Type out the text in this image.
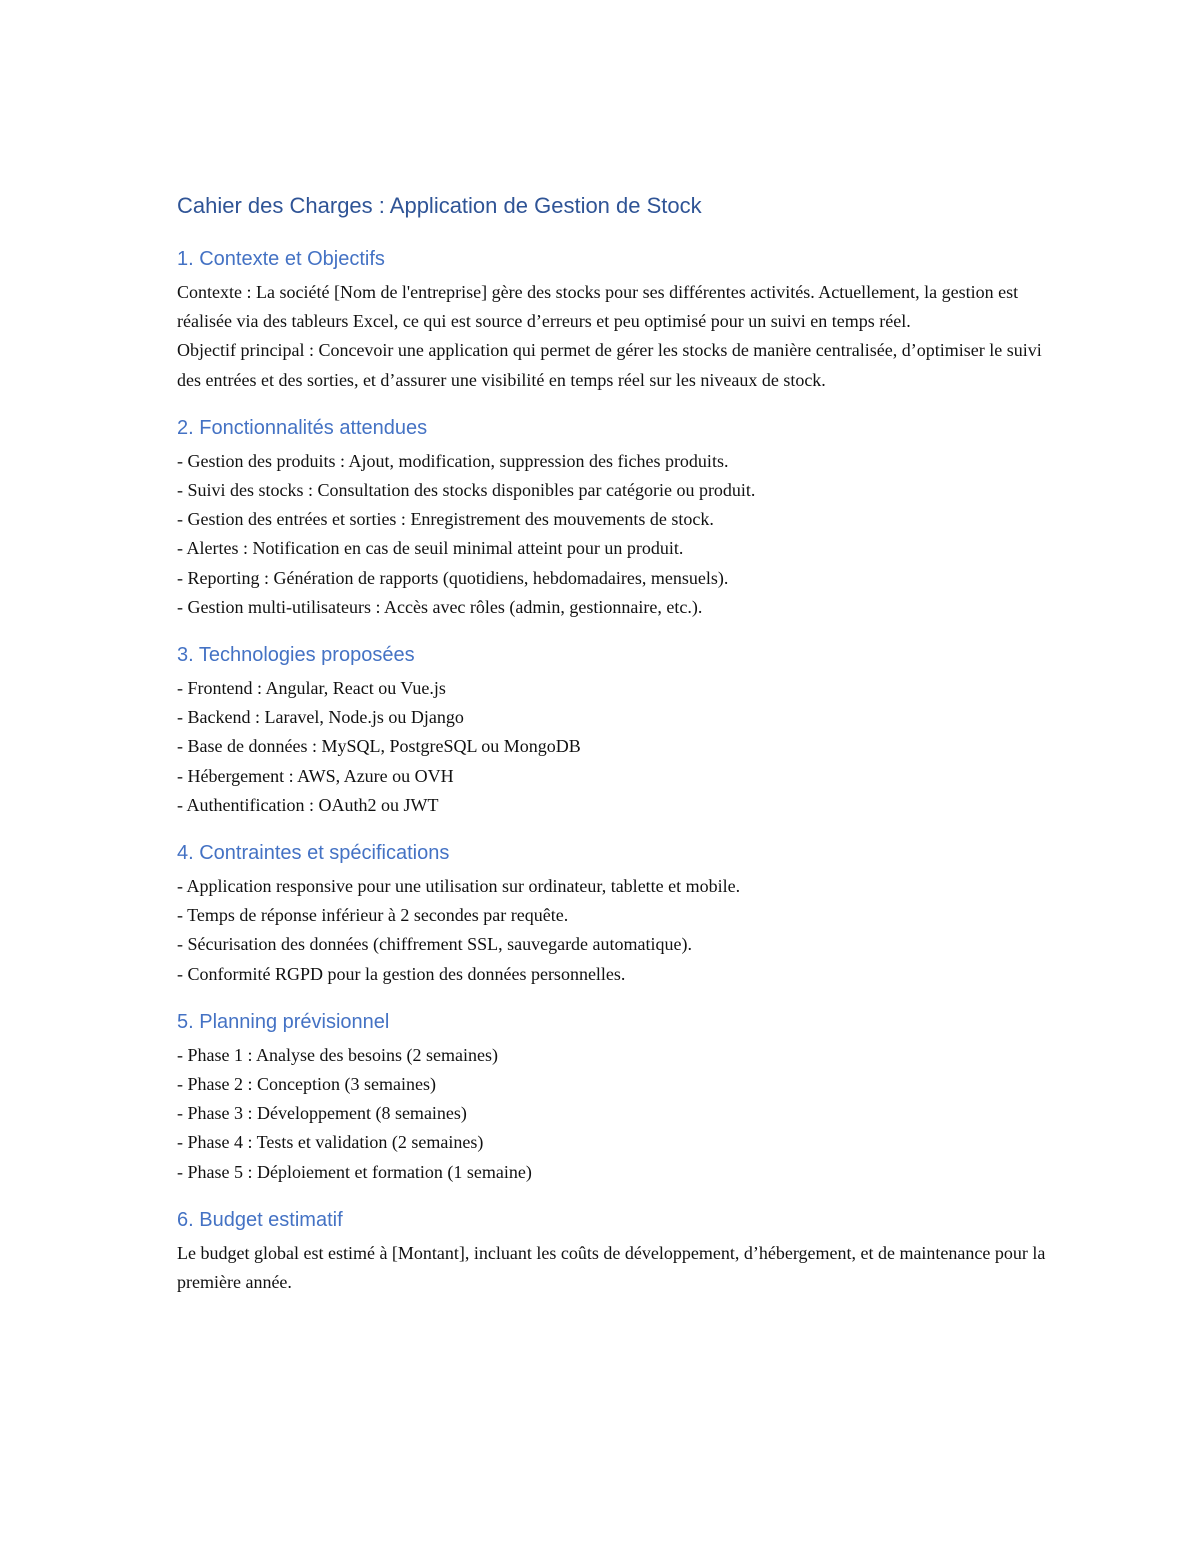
Cahier des Charges : Application de Gestion de Stock
1. Contexte et Objectifs

Contexte : La société [Nom de l'entreprise] gère des stocks pour ses différentes activités. Actuellement, la gestion est réalisée via des tableurs Excel, ce qui est source d’erreurs et peu optimisé pour un suivi en temps réel.

Objectif principal : Concevoir une application qui permet de gérer les stocks de manière centralisée, d’optimiser le suivi des entrées et des sorties, et d’assurer une visibilité en temps réel sur les niveaux de stock.

2. Fonctionnalités attendues
- Gestion des produits : Ajout, modification, suppression des fiches produits.
- Suivi des stocks : Consultation des stocks disponibles par catégorie ou produit.
- Gestion des entrées et sorties : Enregistrement des mouvements de stock.
- Alertes : Notification en cas de seuil minimal atteint pour un produit.
- Reporting : Génération de rapports (quotidiens, hebdomadaires, mensuels).
- Gestion multi-utilisateurs : Accès avec rôles (admin, gestionnaire, etc.).
3. Technologies proposées
- Frontend : Angular, React ou Vue.js
- Backend : Laravel, Node.js ou Django
- Base de données : MySQL, PostgreSQL ou MongoDB
- Hébergement : AWS, Azure ou OVH
- Authentification : OAuth2 ou JWT
4. Contraintes et spécifications
- Application responsive pour une utilisation sur ordinateur, tablette et mobile.
- Temps de réponse inférieur à 2 secondes par requête.
- Sécurisation des données (chiffrement SSL, sauvegarde automatique).
- Conformité RGPD pour la gestion des données personnelles.
5. Planning prévisionnel
- Phase 1 : Analyse des besoins (2 semaines)
- Phase 2 : Conception (3 semaines)
- Phase 3 : Développement (8 semaines)
- Phase 4 : Tests et validation (2 semaines)
- Phase 5 : Déploiement et formation (1 semaine)
6. Budget estimatif

Le budget global est estimé à [Montant], incluant les coûts de développement, d’hébergement, et de maintenance pour la première année.
